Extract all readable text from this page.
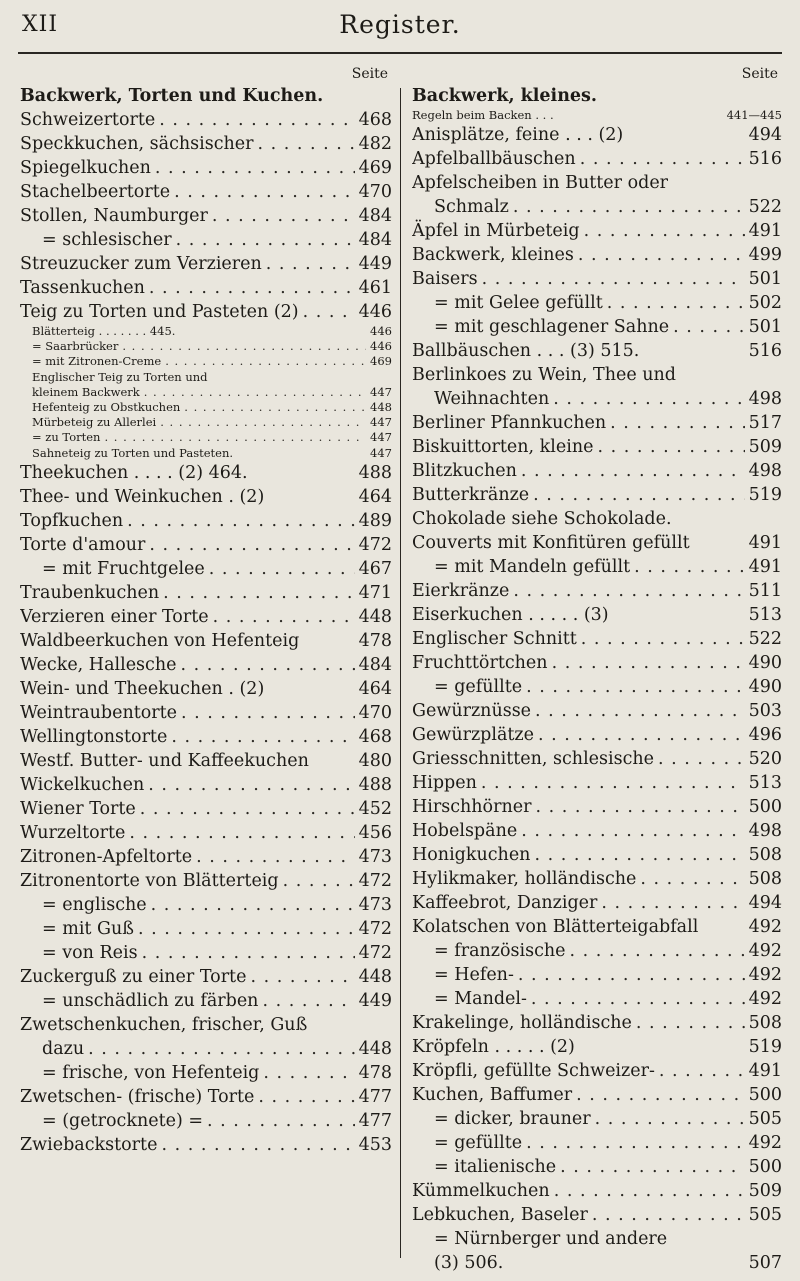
XII	Register.
Seite
Backwerk, Torten und Kuchen.
Schweizertorte . . .	468
Speckkuchen, sächsischer . . .	482
Spiegelkuchen . . .	469
Stachelbeertorte . . .	470
Stollen, Naumburger . . .	484
= schlesischer . . .	484
Streuzucker zum Verzieren . . .	449
Tassenkuchen . . .	461
Teig zu Torten und Pasteten (2) . . .	446
Blätterteig . . . . . . . 445.	446
= Saarbrücker . . .	446
= mit Zitronen-Creme . . .	469
Englischer Teig zu Torten und
kleinem Backwerk . . .	447
Hefenteig zu Obstkuchen . . .	448
Mürbeteig zu Allerlei . . .	447
= zu Torten . . .	447
Sahneteig zu Torten und Pasteten.	447
Theekuchen . . . . (2) 464.	488
Thee- und Weinkuchen . (2)	464
Topfkuchen . . .	489
Torte d'amour . . .	472
= mit Fruchtgelee . . .	467
Traubenkuchen . . .	471
Verzieren einer Torte . . .	448
Waldbeerkuchen von Hefenteig	478
Wecke, Hallesche . . .	484
Wein- und Theekuchen . (2)	464
Weintraubentorte . . .	470
Wellingtonstorte . . .	468
Westf. Butter- und Kaffeekuchen	480
Wickelkuchen . . .	488
Wiener Torte . . .	452
Wurzeltorte . . .	456
Zitronen-Apfeltorte . . .	473
Zitronentorte von Blätterteig . . .	472
= englische . . .	473
= mit Guß . . .	472
= von Reis . . .	472
Zuckerguß zu einer Torte . . .	448
= unschädlich zu färben . . .	449
Zwetschenkuchen, frischer, Guß
dazu . . .	448
= frische, von Hefenteig . . .	478
Zwetschen- (frische) Torte . . .	477
= (getrocknete) = . . .	477
Zwiebackstorte . . .	453
Seite
Backwerk, kleines.
Regeln beim Backen . . .	441—445
Anisplätze, feine . . . (2)	494
Apfelballbäuschen . . .	516
Apfelscheiben in Butter oder
Schmalz . . .	522
Äpfel in Mürbeteig . . .	491
Backwerk, kleines . . .	499
Baisers . . .	501
= mit Gelee gefüllt . . .	502
= mit geschlagener Sahne . . .	501
Ballbäuschen . . . (3) 515.	516
Berlinkoes zu Wein, Thee und
Weihnachten . . .	498
Berliner Pfannkuchen . . .	517
Biskuittorten, kleine . . .	509
Blitzkuchen . . .	498
Butterkränze . . .	519
Chokolade siehe Schokolade.
Couverts mit Konfitüren gefüllt	491
= mit Mandeln gefüllt . . .	491
Eierkränze . . .	511
Eiserkuchen . . . . . (3)	513
Englischer Schnitt . . .	522
Fruchttörtchen . . .	490
= gefüllte . . .	490
Gewürznüsse . . .	503
Gewürzplätze . . .	496
Griesschnitten, schlesische . . .	520
Hippen . . .	513
Hirschhörner . . .	500
Hobelspäne . . .	498
Honigkuchen . . .	508
Hylikmaker, holländische . . .	508
Kaffeebrot, Danziger . . .	494
Kolatschen von Blätterteigabfall	492
= französische . . .	492
= Hefen- . . .	492
= Mandel- . . .	492
Krakelinge, holländische . . .	508
Kröpfeln . . . . . (2)	519
Kröpfli, gefüllte Schweizer- . . .	491
Kuchen, Baffumer . . .	500
= dicker, brauner . . .	505
= gefüllte . . .	492
= italienische . . .	500
Kümmelkuchen . . .	509
Lebkuchen, Baseler . . .	505
= Nürnberger und andere
(3) 506.	507
